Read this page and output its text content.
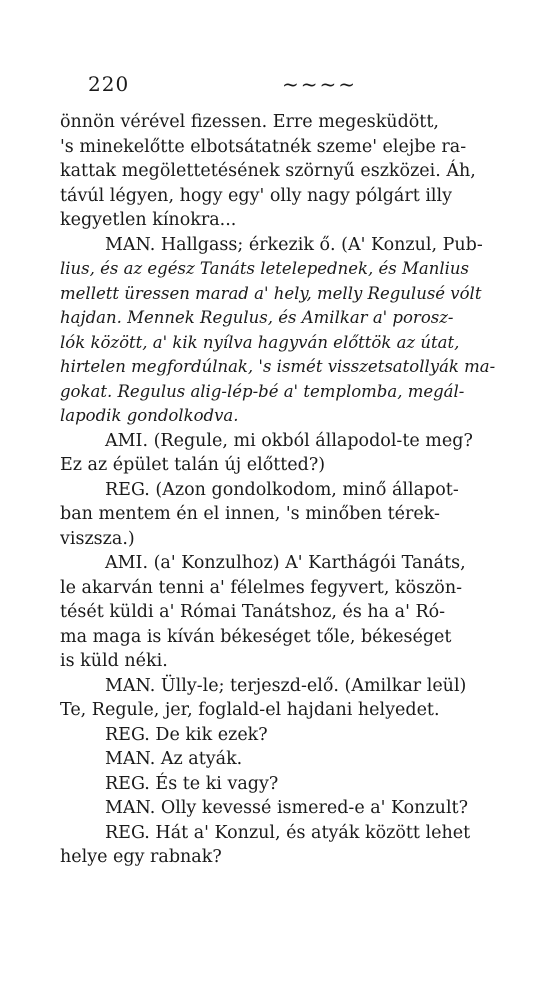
220	~~~~
önnön vérével fizessen. Erre megesküdött,
's minekelőtte elbotsátatnék szeme' elejbe ra-
kattak megölettetésének szörnyű eszközei. Áh,
távúl légyen, hogy egy' olly nagy pólgárt illy
kegyetlen kínokra...
MAN. Hallgass; érkezik ő. (A' Konzul, Pub-
lius, és az egész Tanáts letelepednek, és Manlius
mellett üressen marad a' hely, melly Regulusé vólt
hajdan. Mennek Regulus, és Amilkar a' porosz-
lók között, a' kik nyílva hagyván előttök az útat,
hirtelen megfordúlnak, 's ismét visszetsatollyák ma-
gokat. Regulus alig-lép-bé a' templomba, megál-
lapodik gondolkodva.
AMI. (Regule, mi okból állapodol-te meg?
Ez az épület talán új előtted?)
REG. (Azon gondolkodom, minő állapot-
ban mentem én el innen, 's minőben térek-
viszsza.)
AMI. (a' Konzulhoz) A' Karthágói Tanáts,
le akarván tenni a' félelmes fegyvert, köszön-
tését küldi a' Római Tanátshoz, és ha a' Ró-
ma maga is kíván békeséget tőle, békeséget
is küld néki.
MAN. Ülly-le; terjeszd-elő. (Amilkar leül)
Te, Regule, jer, foglald-el hajdani helyedet.
REG. De kik ezek?
MAN. Az atyák.
REG. És te ki vagy?
MAN. Olly kevessé ismered-e a' Konzult?
REG. Hát a' Konzul, és atyák között lehet
helye egy rabnak?
